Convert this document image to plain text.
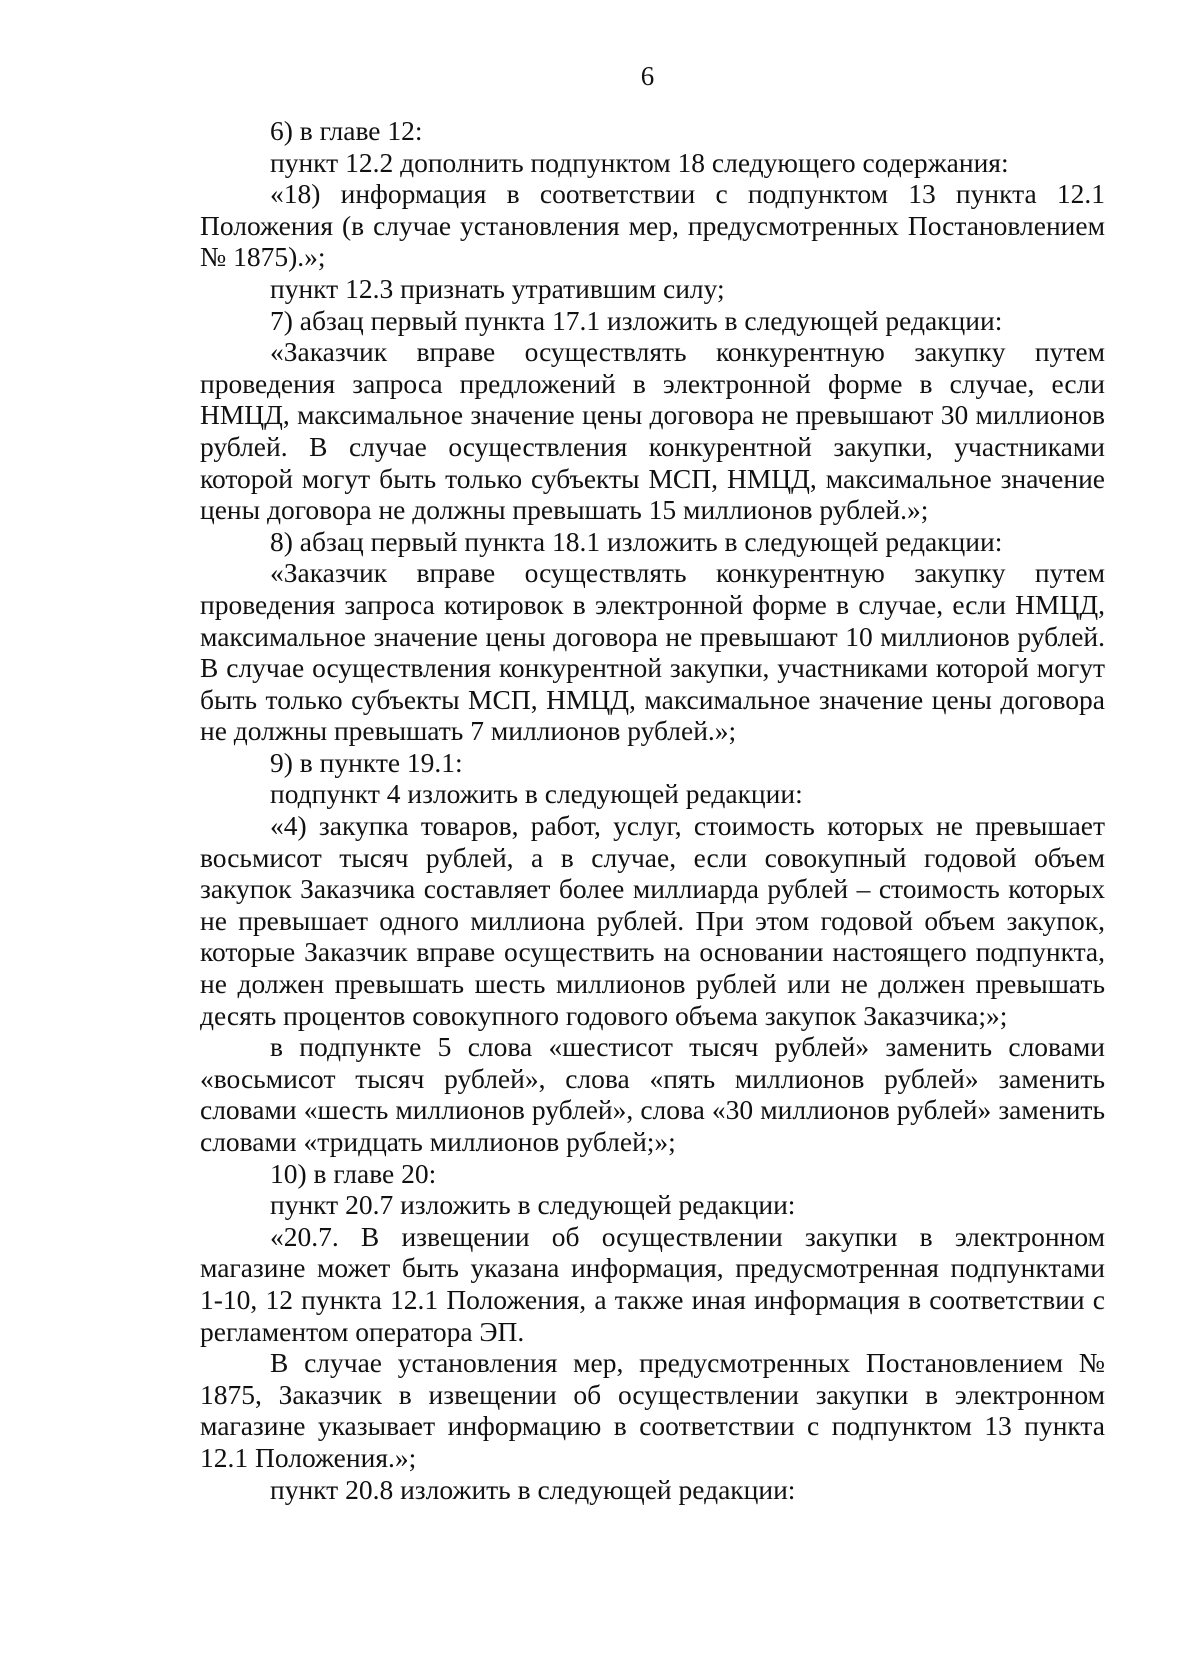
6

6) в главе 12:

пункт 12.2 дополнить подпунктом 18 следующего содержания:

«18) информация в соответствии с подпунктом 13 пункта 12.1 Положения (в случае установления мер, предусмотренных Постановлением № 1875).»;

пункт 12.3 признать утратившим силу;

7) абзац первый пункта 17.1 изложить в следующей редакции:

«Заказчик вправе осуществлять конкурентную закупку путем проведения запроса предложений в электронной форме в случае, если НМЦД, максимальное значение цены договора не превышают 30 миллионов рублей. В случае осуществления конкурентной закупки, участниками которой могут быть только субъекты МСП, НМЦД, максимальное значение цены договора не должны превышать 15 миллионов рублей.»;

8) абзац первый пункта 18.1 изложить в следующей редакции:

«Заказчик вправе осуществлять конкурентную закупку путем проведения запроса котировок в электронной форме в случае, если НМЦД, максимальное значение цены договора не превышают 10 миллионов рублей. В случае осуществления конкурентной закупки, участниками которой могут быть только субъекты МСП, НМЦД, максимальное значение цены договора не должны превышать 7 миллионов рублей.»;

9) в пункте 19.1:

подпункт 4 изложить в следующей редакции:

«4) закупка товаров, работ, услуг, стоимость которых не превышает восьмисот тысяч рублей, а в случае, если совокупный годовой объем закупок Заказчика составляет более миллиарда рублей – стоимость которых не превышает одного миллиона рублей. При этом годовой объем закупок, которые Заказчик вправе осуществить на основании настоящего подпункта, не должен превышать шесть миллионов рублей или не должен превышать десять процентов совокупного годового объема закупок Заказчика;»;

в подпункте 5 слова «шестисот тысяч рублей» заменить словами «восьмисот тысяч рублей», слова «пять миллионов рублей» заменить словами «шесть миллионов рублей», слова «30 миллионов рублей» заменить словами «тридцать миллионов рублей;»;

10) в главе 20:

пункт 20.7 изложить в следующей редакции:

«20.7. В извещении об осуществлении закупки в электронном магазине может быть указана информация, предусмотренная подпунктами 1-10, 12 пункта 12.1 Положения, а также иная информация в соответствии с регламентом оператора ЭП.

В случае установления мер, предусмотренных Постановлением № 1875, Заказчик в извещении об осуществлении закупки в электронном магазине указывает информацию в соответствии с подпунктом 13 пункта 12.1 Положения.»;

пункт 20.8 изложить в следующей редакции:
